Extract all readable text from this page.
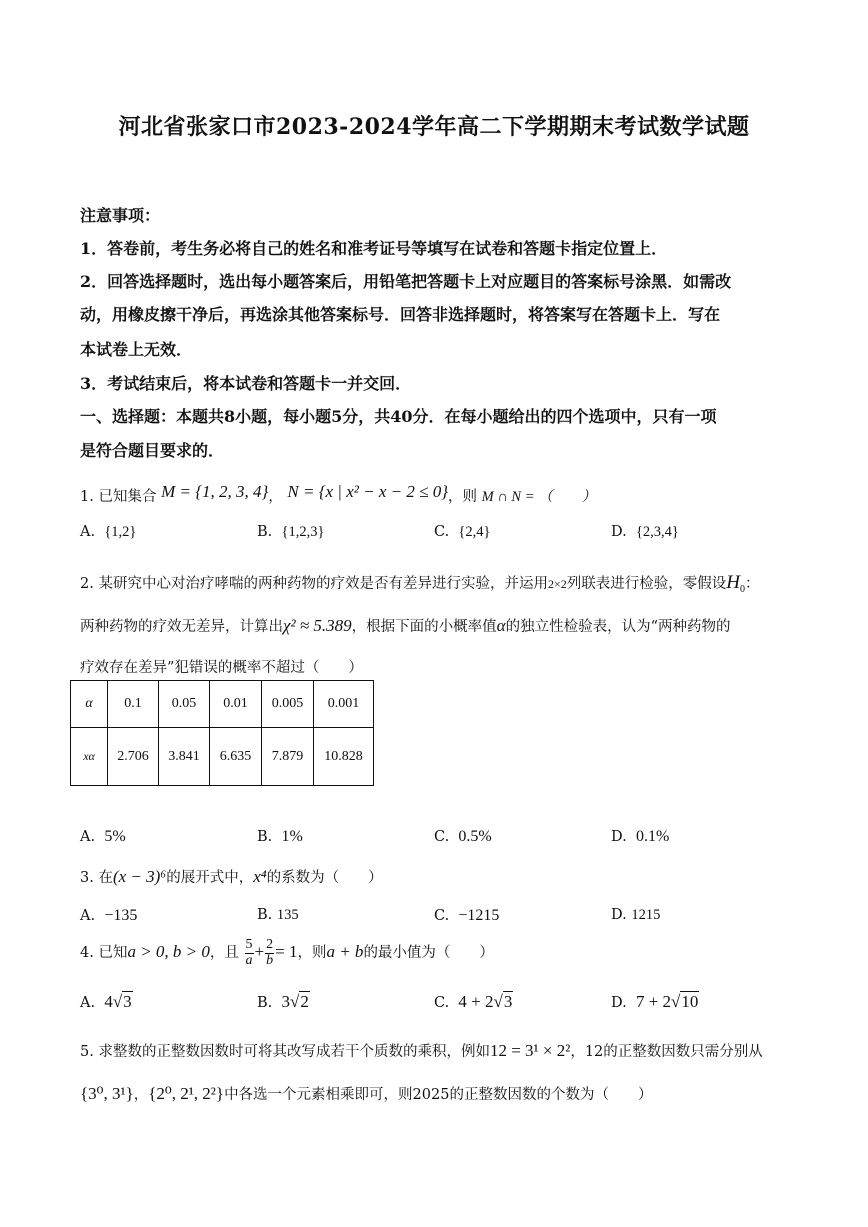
河北省张家口市2023-2024学年高二下学期期末考试数学试题
注意事项：
1．答卷前，考生务必将自己的姓名和准考证号等填写在试卷和答题卡指定位置上．
2．回答选择题时，选出每小题答案后，用铅笔把答题卡上对应题目的答案标号涂黑．如需改
动，用橡皮擦干净后，再选涂其他答案标号．回答非选择题时，将答案写在答题卡上．写在
本试卷上无效．
3．考试结束后，将本试卷和答题卡一并交回．
一、选择题：本题共8小题，每小题5分，共40分．在每小题给出的四个选项中，只有一项
是符合题目要求的．
1. 已知集合 M = {1, 2, 3, 4}， N = {x | x² − x − 2 ≤ 0}，则 M ∩ N = （　　）
A. {1,2}	B. {1,2,3}	C. {2,4}	D. {2,3,4}
2. 某研究中心对治疗哮喘的两种药物的疗效是否有差异进行实验，并运用2×2列联表进行检验，零假设$H_0$：
两种药物的疗效无差异，计算出χ² ≈ 5.389，根据下面的小概率值α的独立性检验表，认为“两种药物的
疗效存在差异”犯错误的概率不超过（　　）
α	0.1	0.05	0.01	0.005	0.001
xα	2.706	3.841	6.635	7.879	10.828
A. 5%	B. 1%	C. 0.5%	D. 0.1%
3. 在(x − 3)⁶的展开式中，x⁴的系数为（　　）
A. −135	B. 135	C. −1215	D. 1215
4. 已知a > 0, b > 0，且 $\frac{5}{a} + \frac{2}{b} = 1$，则a + b的最小值为（　　）
A. 4√3	B. 3√2	C. 4 + 2√3	D. 7 + 2√10
5. 求整数的正整数因数时可将其改写成若干个质数的乘积，例如12 = 3¹ × 2²，12的正整数因数只需分别从
{3⁰, 3¹}，{2⁰, 2¹, 2²}中各选一个元素相乘即可，则2025的正整数因数的个数为（　　）
